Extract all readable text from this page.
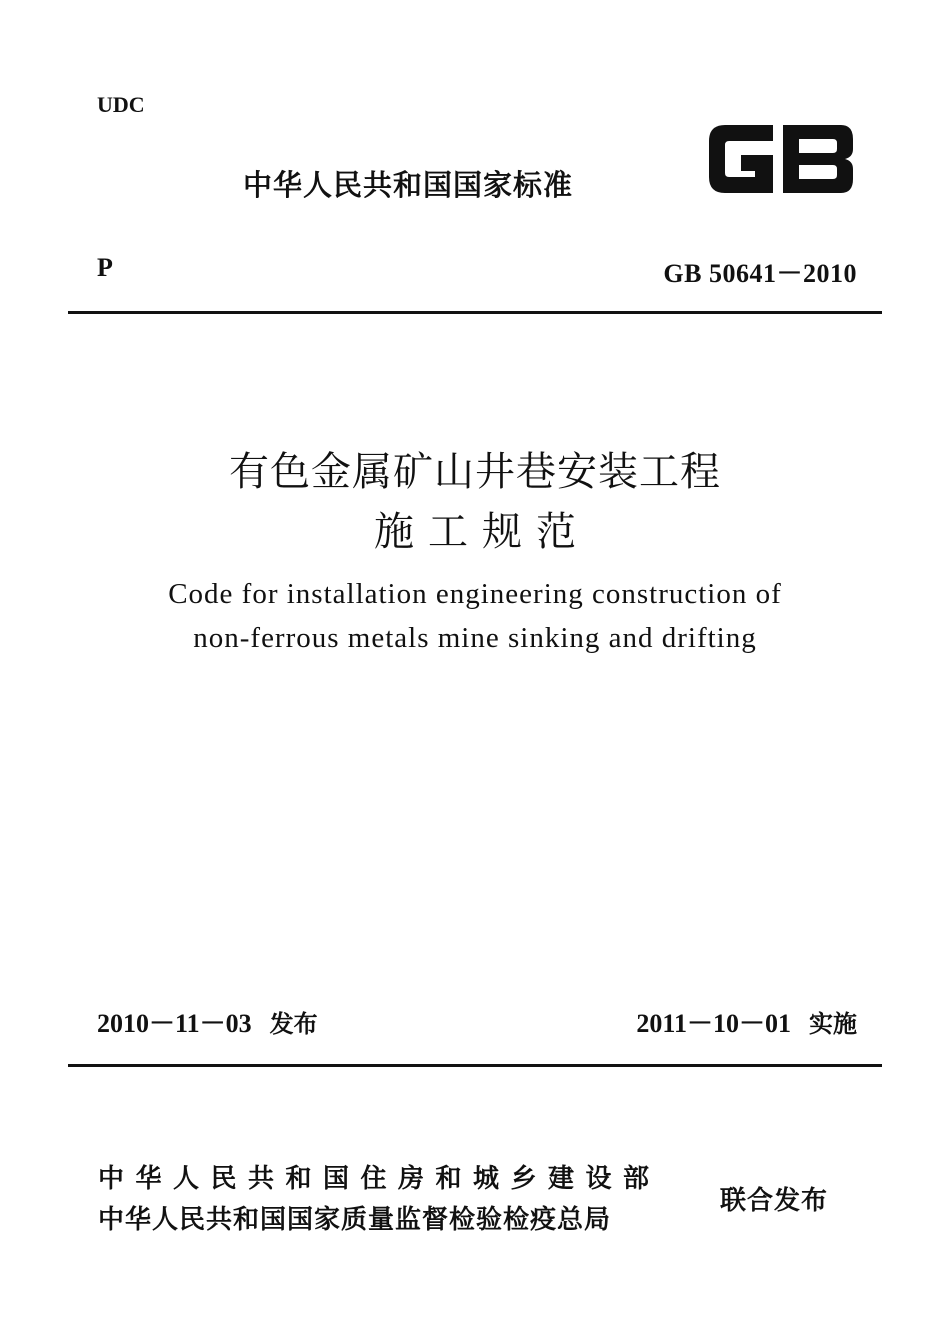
UDC
中华人民共和国国家标准
P	GB 50641－2010
有色金属矿山井巷安装工程
施工规范
Code for installation engineering construction of
non-ferrous metals mine sinking and drifting
2010－11－03 发布	2011－10－01 实施
中华人民共和国住房和城乡建设部
中华人民共和国国家质量监督检验检疫总局
联合发布
